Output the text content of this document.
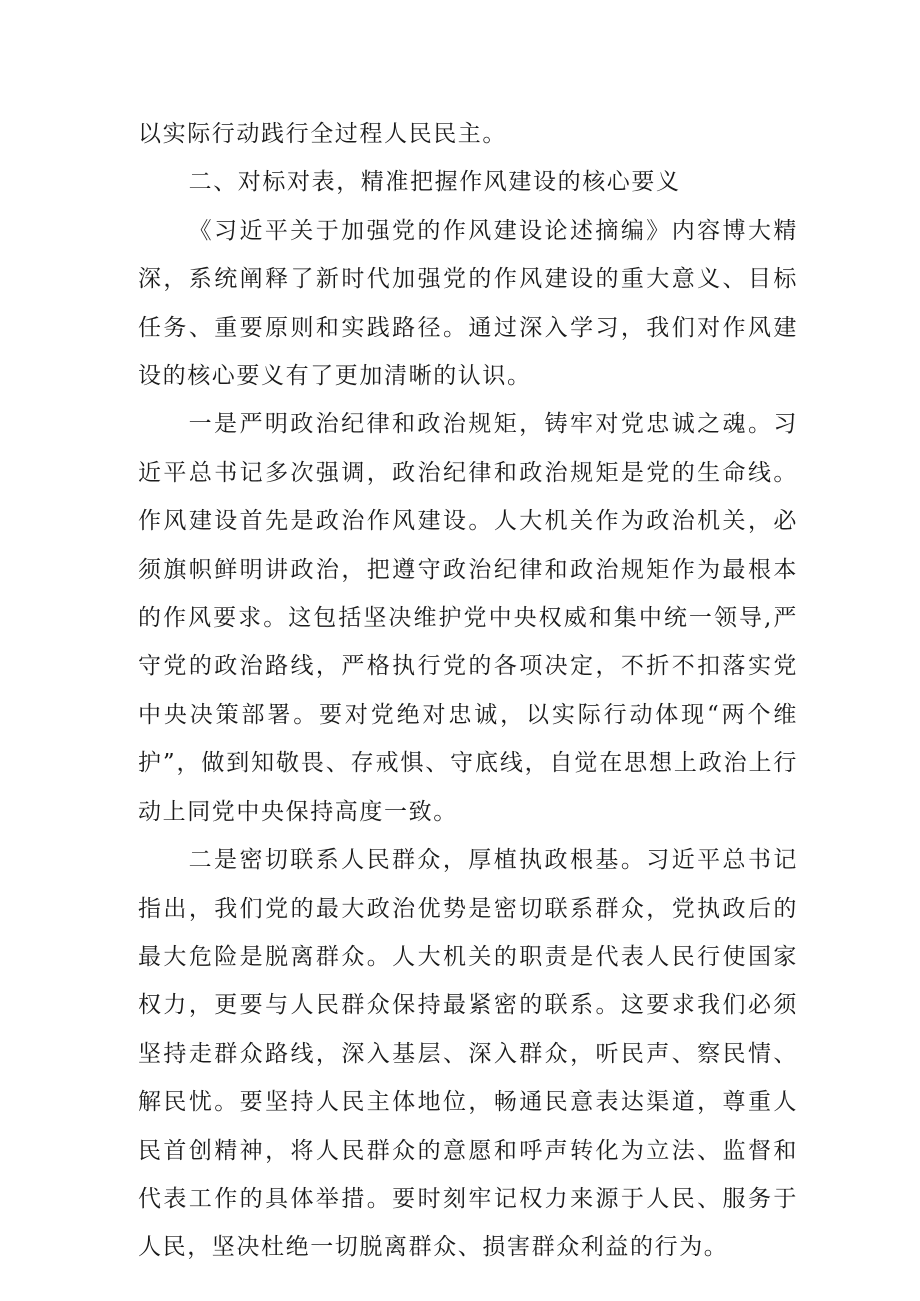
以实际行动践行全过程人民民主。

二、对标对表，精准把握作风建设的核心要义

《习近平关于加强党的作风建设论述摘编》内容博大精深，系统阐释了新时代加强党的作风建设的重大意义、目标任务、重要原则和实践路径。通过深入学习，我们对作风建设的核心要义有了更加清晰的认识。

一是严明政治纪律和政治规矩，铸牢对党忠诚之魂。习近平总书记多次强调，政治纪律和政治规矩是党的生命线。作风建设首先是政治作风建设。人大机关作为政治机关，必须旗帜鲜明讲政治，把遵守政治纪律和政治规矩作为最根本的作风要求。这包括坚决维护党中央权威和集中统一领导,严守党的政治路线，严格执行党的各项决定，不折不扣落实党中央决策部署。要对党绝对忠诚，以实际行动体现“两个维护”，做到知敬畏、存戒惧、守底线，自觉在思想上政治上行动上同党中央保持高度一致。

二是密切联系人民群众，厚植执政根基。习近平总书记指出，我们党的最大政治优势是密切联系群众，党执政后的最大危险是脱离群众。人大机关的职责是代表人民行使国家权力，更要与人民群众保持最紧密的联系。这要求我们必须坚持走群众路线，深入基层、深入群众，听民声、察民情、解民忧。要坚持人民主体地位，畅通民意表达渠道，尊重人民首创精神，将人民群众的意愿和呼声转化为立法、监督和代表工作的具体举措。要时刻牢记权力来源于人民、服务于人民，坚决杜绝一切脱离群众、损害群众利益的行为。
